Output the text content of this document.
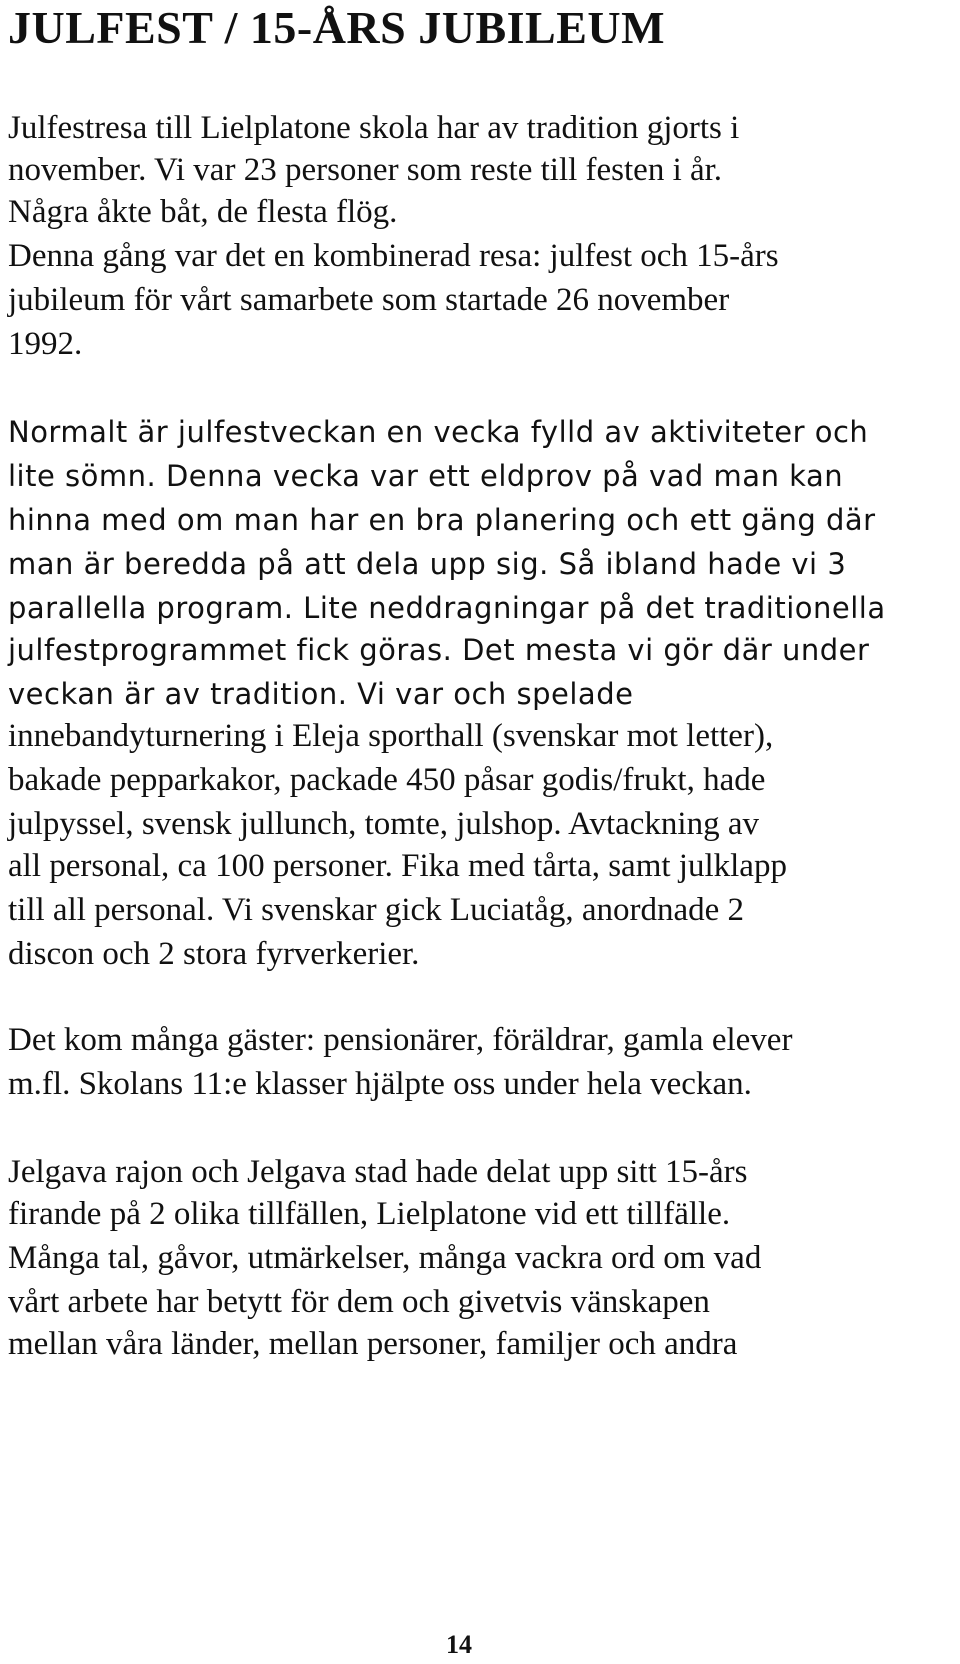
JULFEST / 15-ÅRS JUBILEUM

Julfestresa till Lielplatone skola har av tradition gjorts i

november. Vi var 23 personer som reste till festen i år.

Några åkte båt, de flesta flög.

Denna gång var det en kombinerad resa: julfest och 15-års

jubileum för vårt samarbete som startade 26 november

1992.

Normalt är julfestveckan en vecka fylld av aktiviteter och

lite sömn. Denna vecka var ett eldprov på vad man kan

hinna med om man har en bra planering och ett gäng där

man är beredda på att dela upp sig. Så ibland hade vi 3

parallella program. Lite neddragningar på det traditionella

julfestprogrammet fick göras. Det mesta vi gör där under

veckan är av tradition. Vi var och spelade

innebandyturnering i Eleja sporthall (svenskar mot letter),

bakade pepparkakor, packade 450 påsar godis/frukt, hade

julpyssel, svensk jullunch, tomte, julshop. Avtackning av

all personal, ca 100 personer. Fika med tårta, samt julklapp

till all personal. Vi svenskar gick Luciatåg, anordnade 2

discon och 2 stora fyrverkerier.

Det kom många gäster: pensionärer, föräldrar, gamla elever

m.fl. Skolans 11:e klasser hjälpte oss under hela veckan.

Jelgava rajon och Jelgava stad hade delat upp sitt 15-års

firande på 2 olika tillfällen, Lielplatone vid ett tillfälle.

Många tal, gåvor, utmärkelser, många vackra ord om vad

vårt arbete har betytt för dem och givetvis vänskapen

mellan våra länder, mellan personer, familjer och andra

14
